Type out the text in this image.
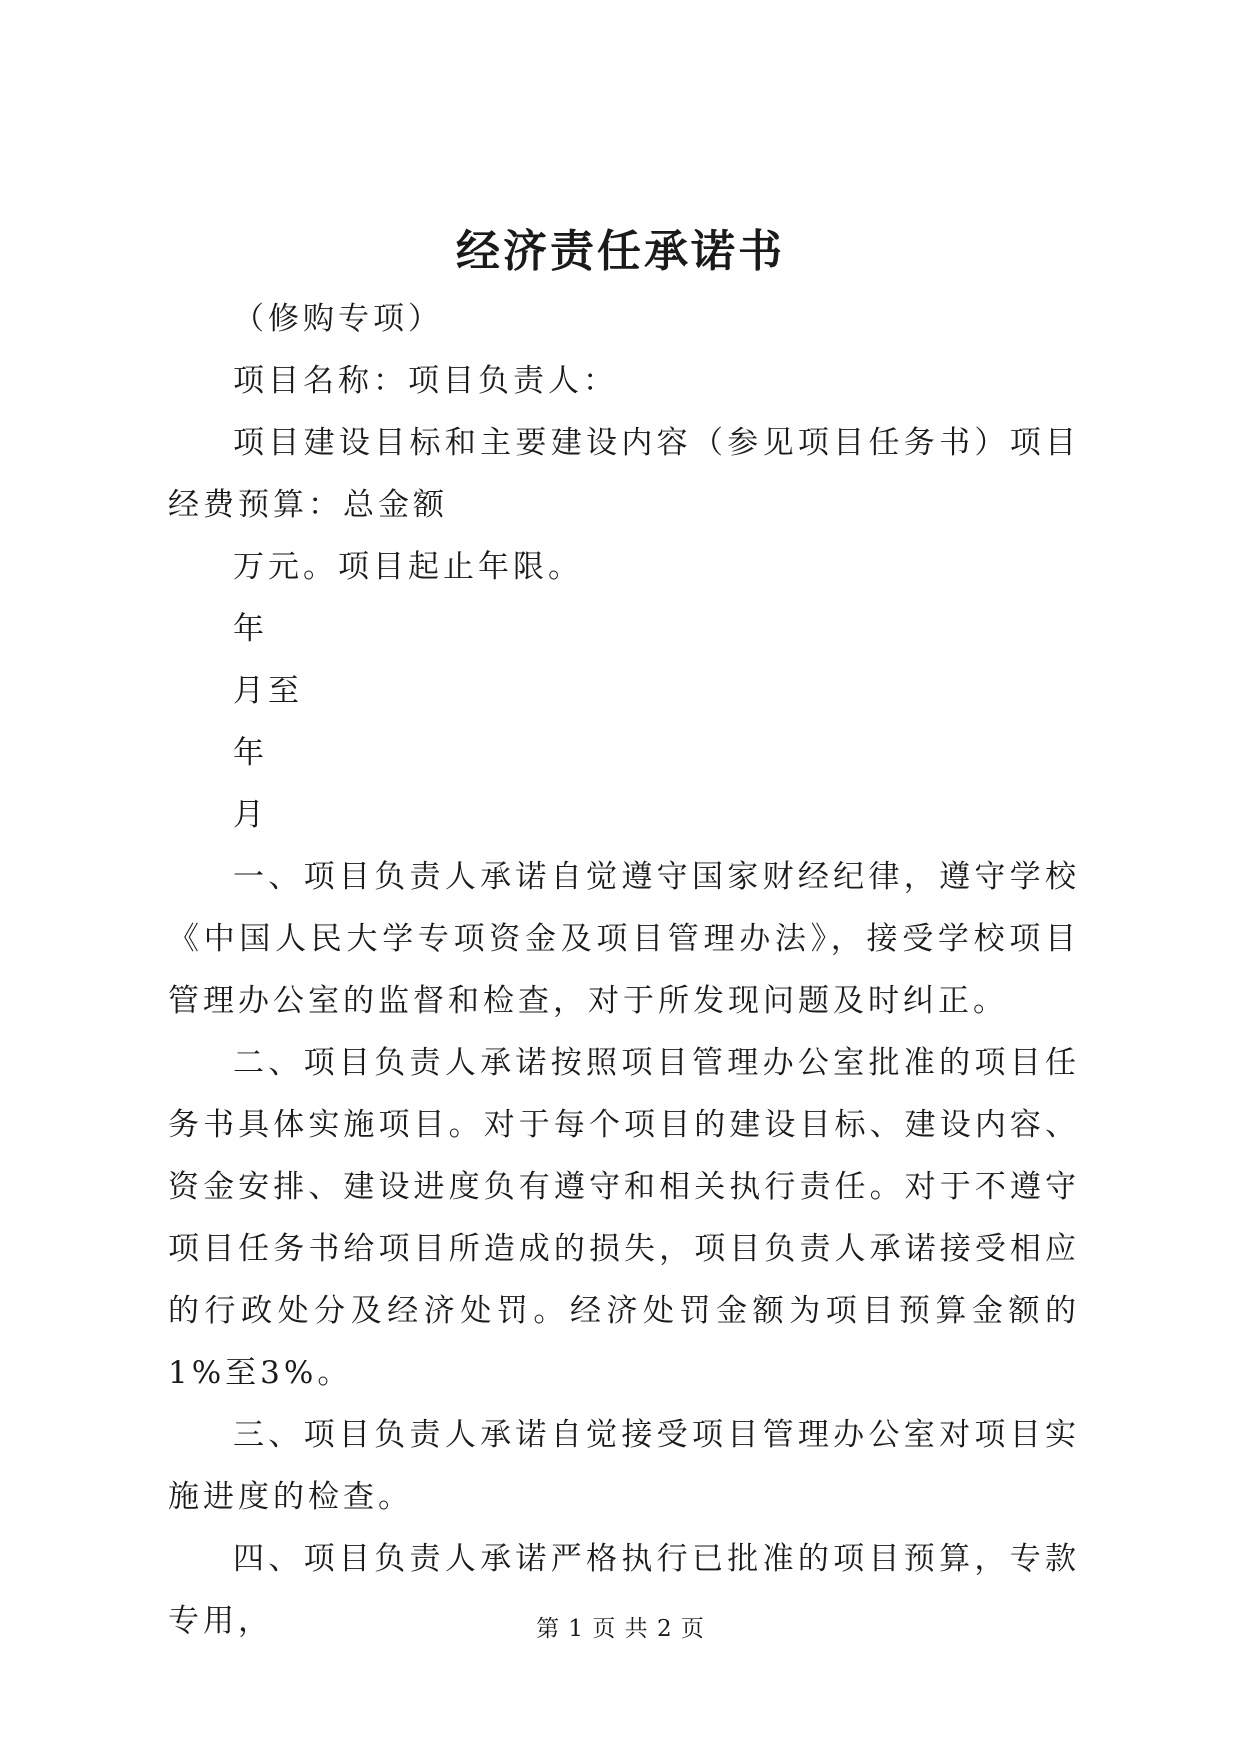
经济责任承诺书

（修购专项）

项目名称：项目负责人：

项目建设目标和主要建设内容（参见项目任务书）项目经费预算：总金额

万元。项目起止年限。

年

月至

年

月

一、项目负责人承诺自觉遵守国家财经纪律，遵守学校《中国人民大学专项资金及项目管理办法》，接受学校项目管理办公室的监督和检查，对于所发现问题及时纠正。

二、项目负责人承诺按照项目管理办公室批准的项目任务书具体实施项目。对于每个项目的建设目标、建设内容、资金安排、建设进度负有遵守和相关执行责任。对于不遵守项目任务书给项目所造成的损失，项目负责人承诺接受相应的行政处分及经济处罚。经济处罚金额为项目预算金额的1%至3%。

三、项目负责人承诺自觉接受项目管理办公室对项目实施进度的检查。

四、项目负责人承诺严格执行已批准的项目预算，专款专用，	第 1 页 共 2 页
